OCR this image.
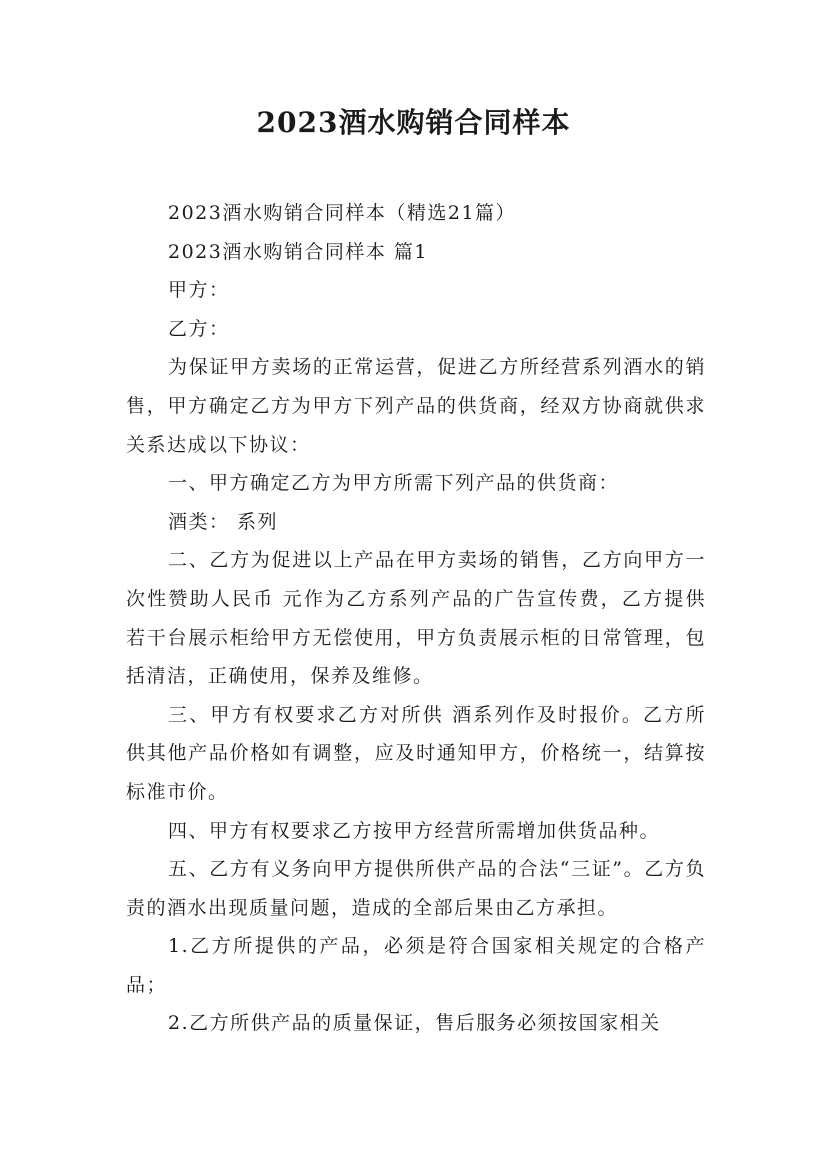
2023酒水购销合同样本

2023酒水购销合同样本（精选21篇）

2023酒水购销合同样本 篇1

甲方：

乙方：

为保证甲方卖场的正常运营，促进乙方所经营系列酒水的销售，甲方确定乙方为甲方下列产品的供货商，经双方协商就供求关系达成以下协议：

一、甲方确定乙方为甲方所需下列产品的供货商：

酒类： 系列

二、乙方为促进以上产品在甲方卖场的销售，乙方向甲方一次性赞助人民币 元作为乙方系列产品的广告宣传费，乙方提供若干台展示柜给甲方无偿使用，甲方负责展示柜的日常管理，包括清洁，正确使用，保养及维修。

三、甲方有权要求乙方对所供 酒系列作及时报价。乙方所供其他产品价格如有调整，应及时通知甲方，价格统一，结算按标准市价。

四、甲方有权要求乙方按甲方经营所需增加供货品种。

五、乙方有义务向甲方提供所供产品的合法“三证”。乙方负责的酒水出现质量问题，造成的全部后果由乙方承担。

1.乙方所提供的产品，必须是符合国家相关规定的合格产品；

2.乙方所供产品的质量保证，售后服务必须按国家相关
